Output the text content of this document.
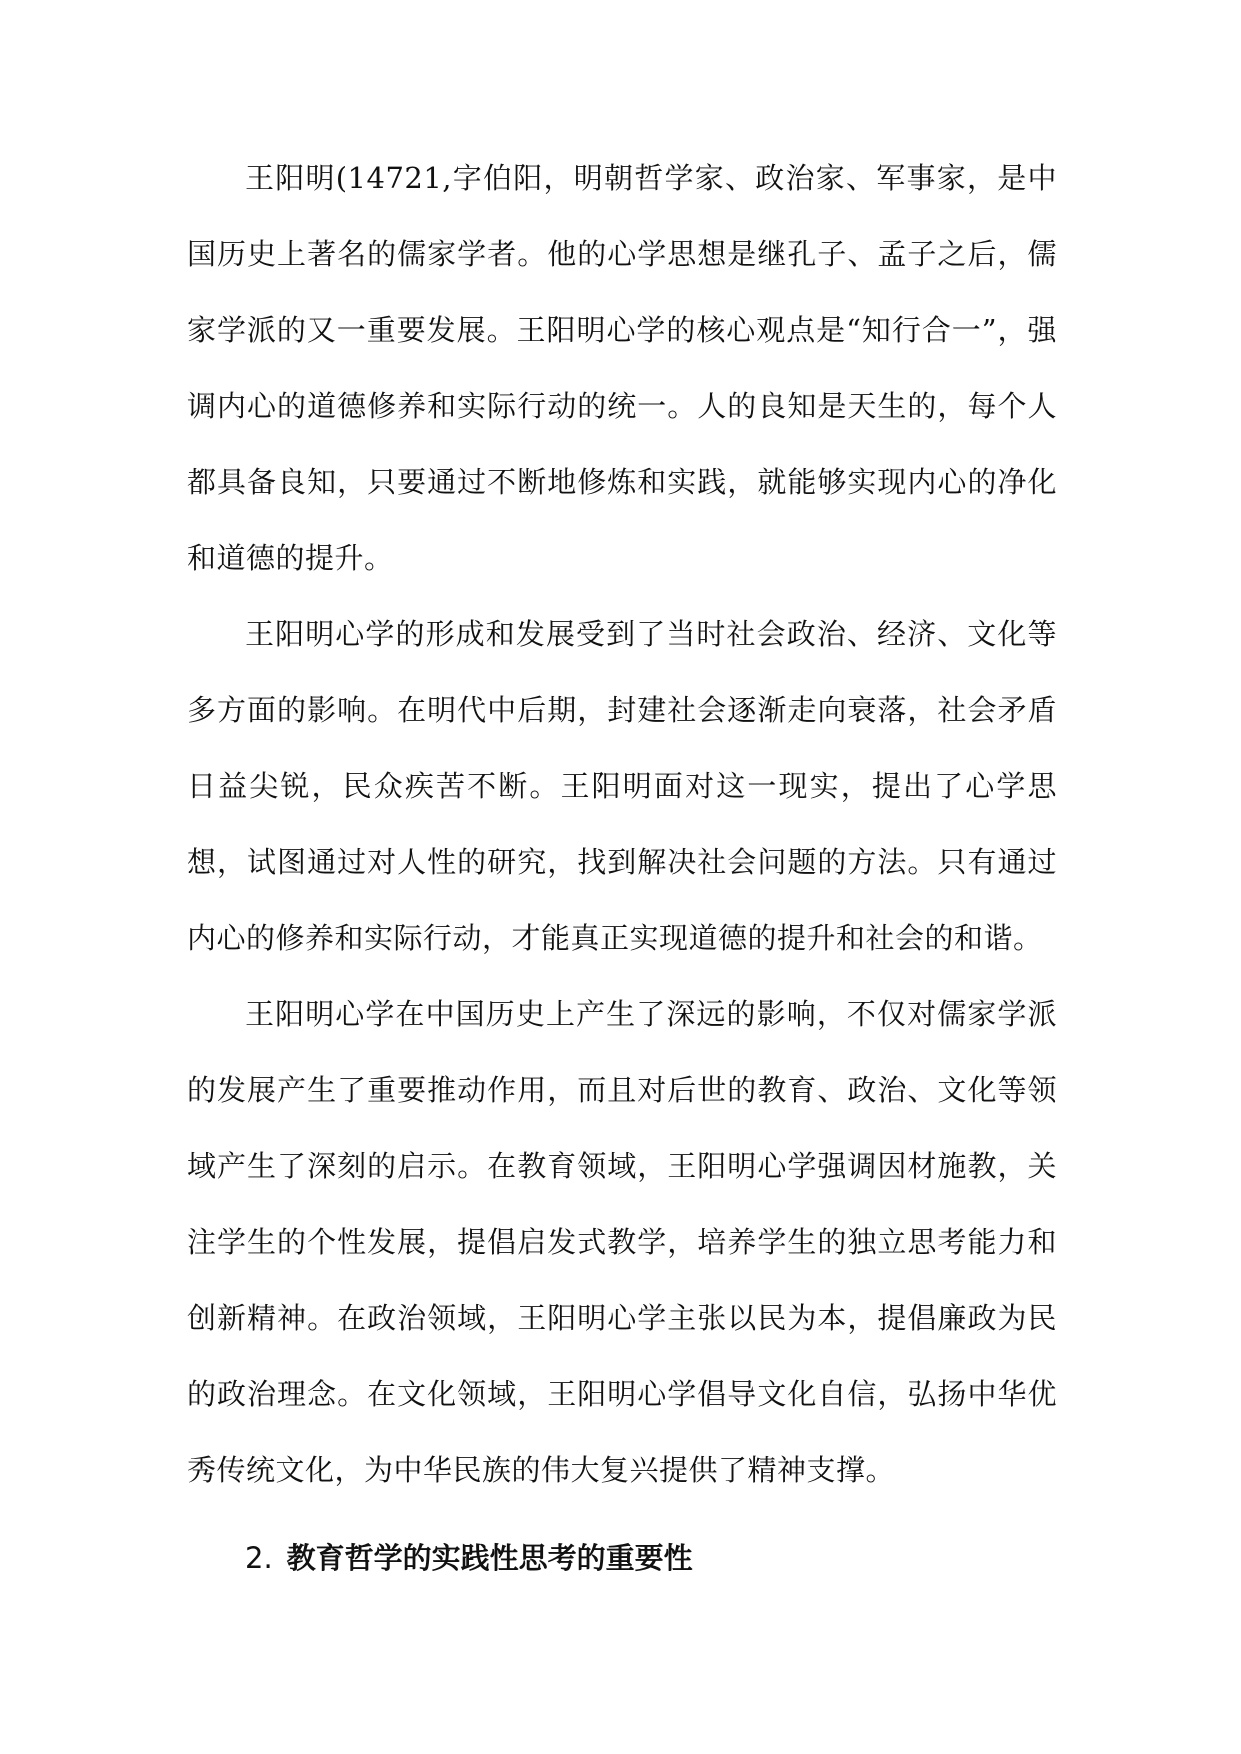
王阳明(14721,字伯阳，明朝哲学家、政治家、军事家，是中国历史上著名的儒家学者。他的心学思想是继孔子、孟子之后，儒家学派的又一重要发展。王阳明心学的核心观点是“知行合一”，强调内心的道德修养和实际行动的统一。人的良知是天生的，每个人都具备良知，只要通过不断地修炼和实践，就能够实现内心的净化和道德的提升。

王阳明心学的形成和发展受到了当时社会政治、经济、文化等多方面的影响。在明代中后期，封建社会逐渐走向衰落，社会矛盾日益尖锐，民众疾苦不断。王阳明面对这一现实，提出了心学思想，试图通过对人性的研究，找到解决社会问题的方法。只有通过内心的修养和实际行动，才能真正实现道德的提升和社会的和谐。

王阳明心学在中国历史上产生了深远的影响，不仅对儒家学派的发展产生了重要推动作用，而且对后世的教育、政治、文化等领域产生了深刻的启示。在教育领域，王阳明心学强调因材施教，关注学生的个性发展，提倡启发式教学，培养学生的独立思考能力和创新精神。在政治领域，王阳明心学主张以民为本，提倡廉政为民的政治理念。在文化领域，王阳明心学倡导文化自信，弘扬中华优秀传统文化，为中华民族的伟大复兴提供了精神支撑。

2. 教育哲学的实践性思考的重要性
